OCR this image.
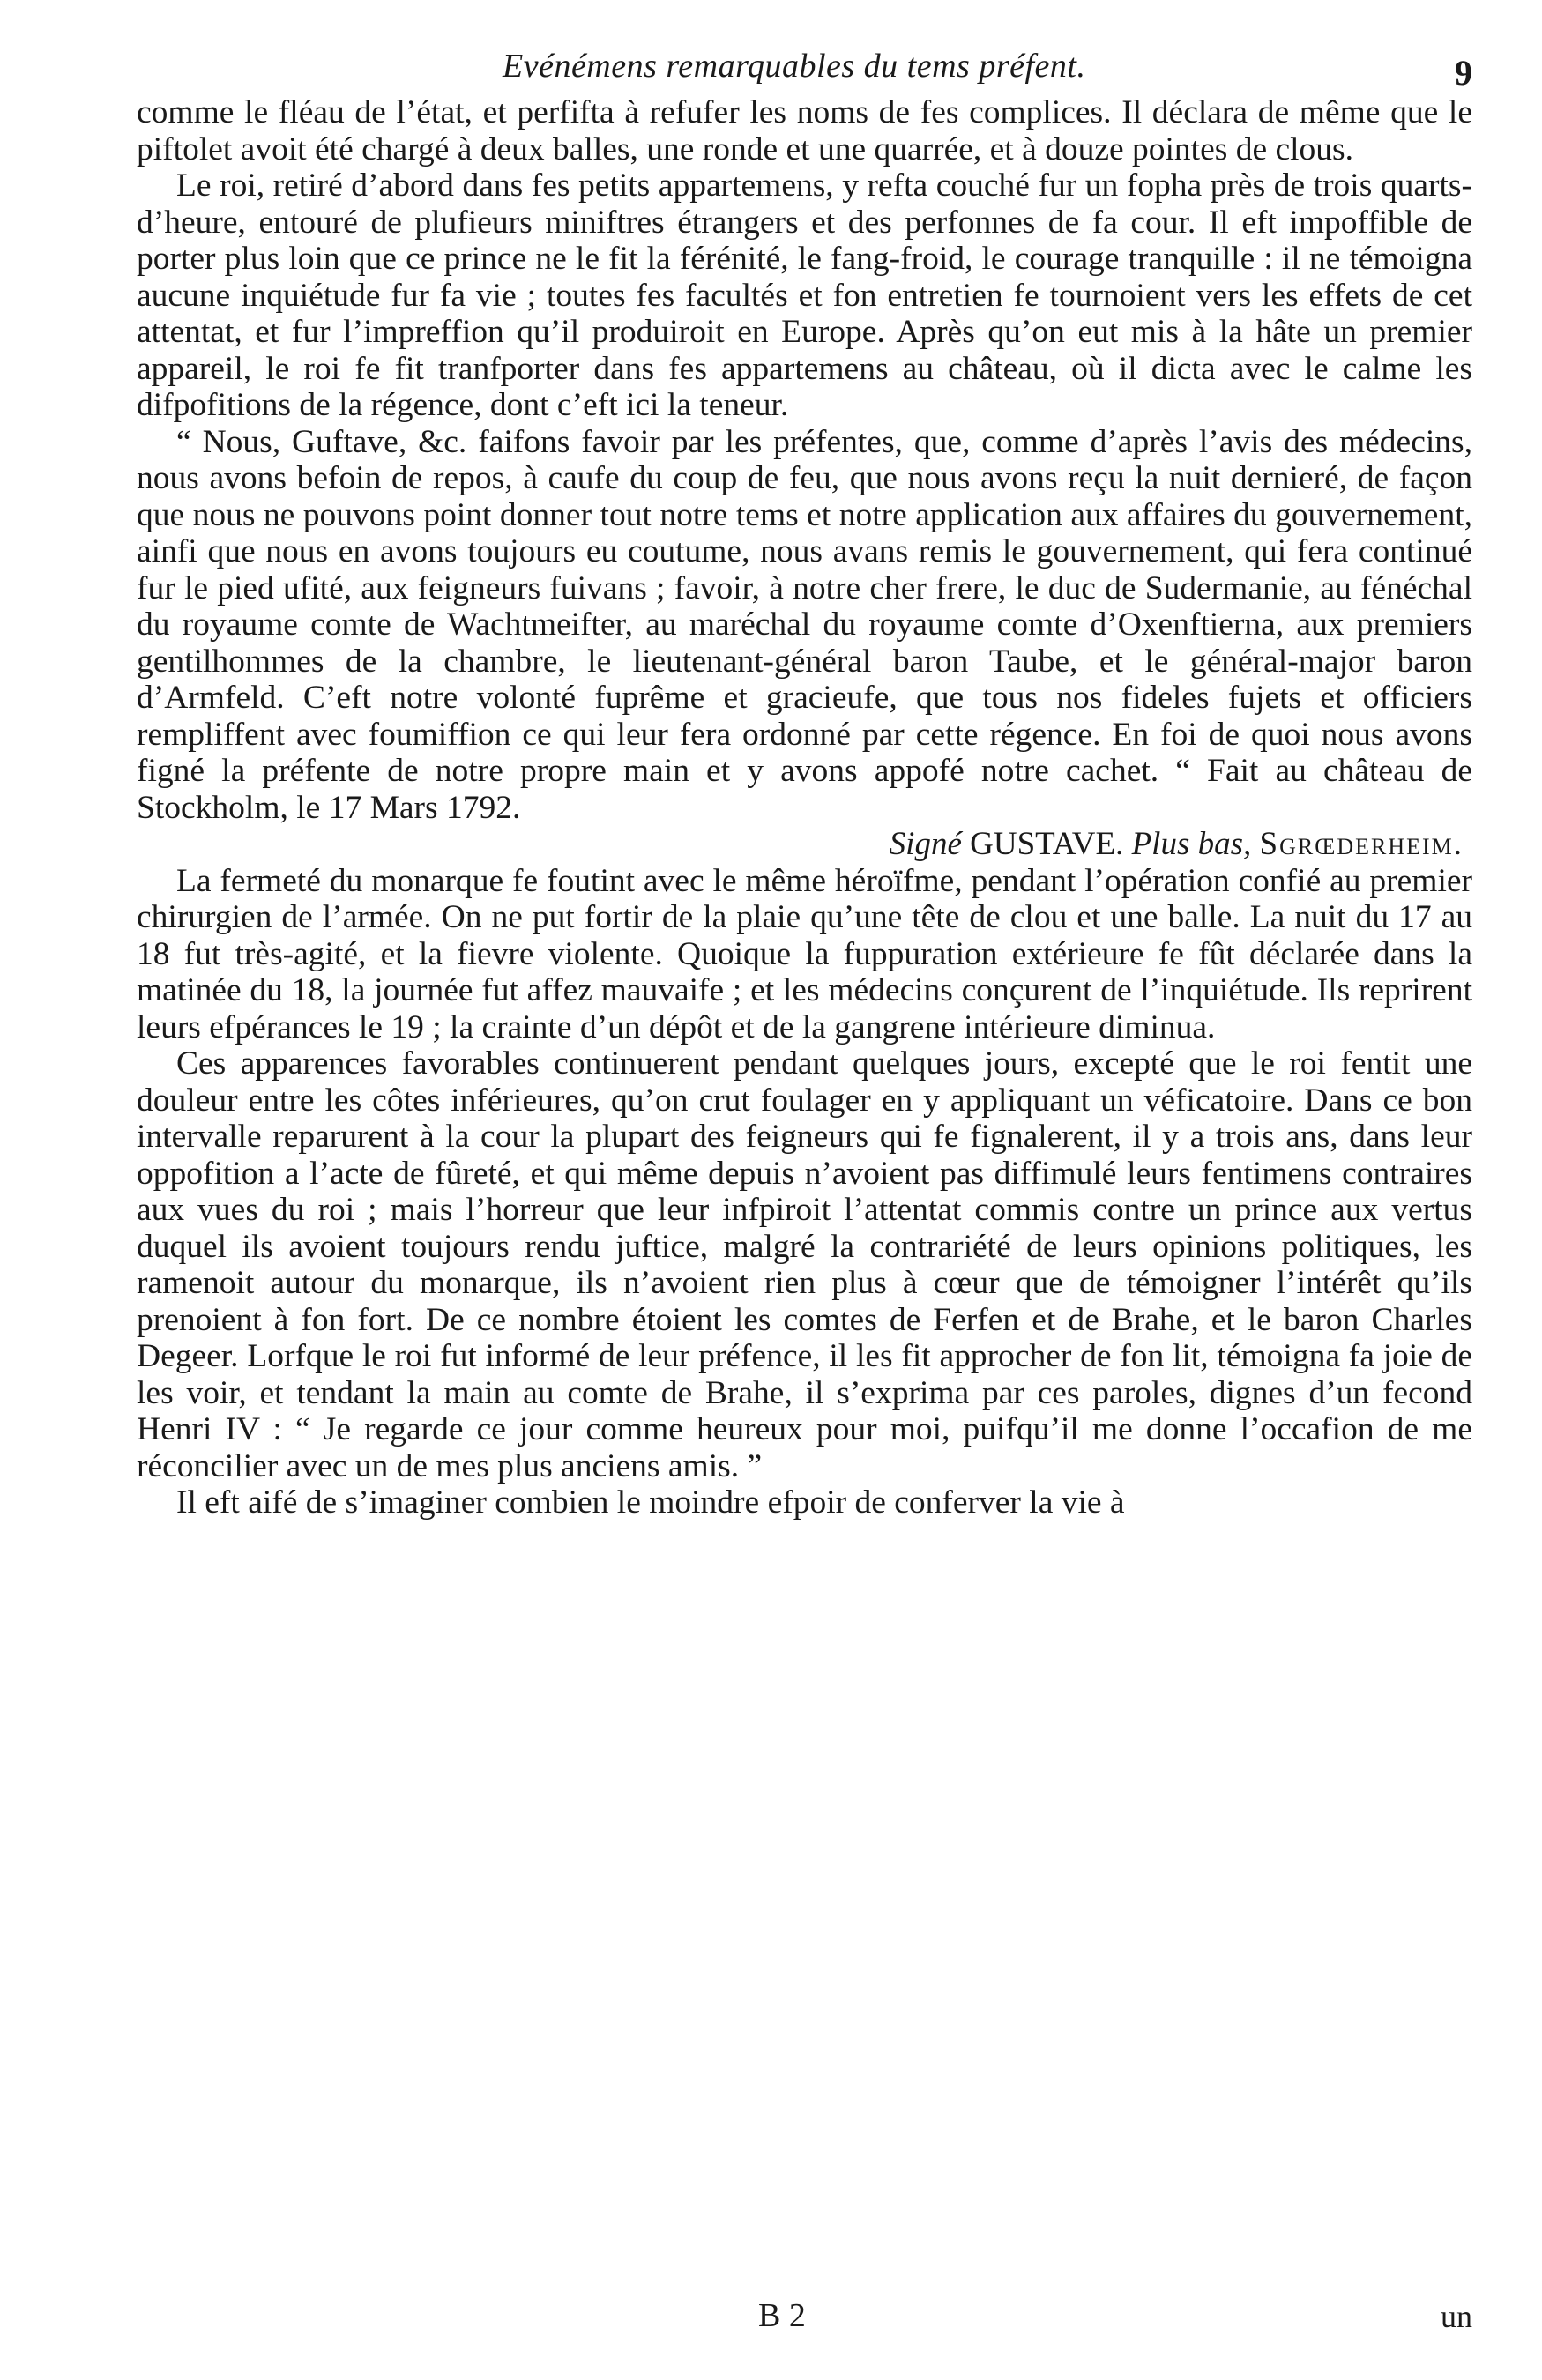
Evénémens remarquables du tems préfent.	9

comme le fléau de l’état, et perfifta à refufer les noms de fes complices. Il déclara de même que le piftolet avoit été chargé à deux balles, une ronde et une quarrée, et à douze pointes de clous.

Le roi, retiré d’abord dans fes petits appartemens, y refta couché fur un fopha près de trois quarts-d’heure, entouré de plufieurs miniftres étrangers et des perfonnes de fa cour. Il eft impoffible de porter plus loin que ce prince ne le fit la férénité, le fang-froid, le courage tranquille : il ne témoigna aucune inquiétude fur fa vie ; toutes fes facultés et fon entretien fe tournoient vers les effets de cet attentat, et fur l’impreffion qu’il produiroit en Europe. Après qu’on eut mis à la hâte un premier appareil, le roi fe fit tranfporter dans fes appartemens au château, où il dicta avec le calme les difpofitions de la régence, dont c’eft ici la teneur.

“ Nous, Guftave, &c. faifons favoir par les préfentes, que, comme d’après l’avis des médecins, nous avons befoin de repos, à caufe du coup de feu, que nous avons reçu la nuit dernieré, de façon que nous ne pouvons point donner tout notre tems et notre application aux affaires du gouvernement, ainfi que nous en avons toujours eu coutume, nous avans remis le gouvernement, qui fera continué fur le pied ufité, aux feigneurs fuivans ; favoir, à notre cher frere, le duc de Sudermanie, au fénéchal du royaume comte de Wachtmeifter, au maréchal du royaume comte d’Oxenftierna, aux premiers gentilhommes de la chambre, le lieutenant-général baron Taube, et le général-major baron d’Armfeld. C’eft notre volonté fuprême et gracieufe, que tous nos fideles fujets et officiers rempliffent avec foumiffion ce qui leur fera ordonné par cette régence. En foi de quoi nous avons figné la préfente de notre propre main et y avons appofé notre cachet. “ Fait au château de Stockholm, le 17 Mars 1792.

Signé GUSTAVE. Plus bas, Sgrœderheim.

La fermeté du monarque fe foutint avec le même héroïfme, pendant l’opération confié au premier chirurgien de l’armée. On ne put fortir de la plaie qu’une tête de clou et une balle. La nuit du 17 au 18 fut très-agité, et la fievre violente. Quoique la fuppuration extérieure fe fût déclarée dans la matinée du 18, la journée fut affez mauvaife ; et les médecins conçurent de l’inquiétude. Ils reprirent leurs efpérances le 19 ; la crainte d’un dépôt et de la gangrene intérieure diminua.

Ces apparences favorables continuerent pendant quelques jours, excepté que le roi fentit une douleur entre les côtes inférieures, qu’on crut foulager en y appliquant un véficatoire. Dans ce bon intervalle reparurent à la cour la plupart des feigneurs qui fe fignalerent, il y a trois ans, dans leur oppofition a l’acte de fûreté, et qui même depuis n’avoient pas diffimulé leurs fentimens contraires aux vues du roi ; mais l’horreur que leur infpiroit l’attentat commis contre un prince aux vertus duquel ils avoient toujours rendu juftice, malgré la contrariété de leurs opinions politiques, les ramenoit autour du monarque, ils n’avoient rien plus à cœur que de témoigner l’intérêt qu’ils prenoient à fon fort. De ce nombre étoient les comtes de Ferfen et de Brahe, et le baron Charles Degeer. Lorfque le roi fut informé de leur préfence, il les fit approcher de fon lit, témoigna fa joie de les voir, et tendant la main au comte de Brahe, il s’exprima par ces paroles, dignes d’un fecond Henri IV : “ Je regarde ce jour comme heureux pour moi, puifqu’il me donne l’occafion de me réconcilier avec un de mes plus anciens amis. ”

Il eft aifé de s’imaginer combien le moindre efpoir de conferver la vie à

B 2	un
